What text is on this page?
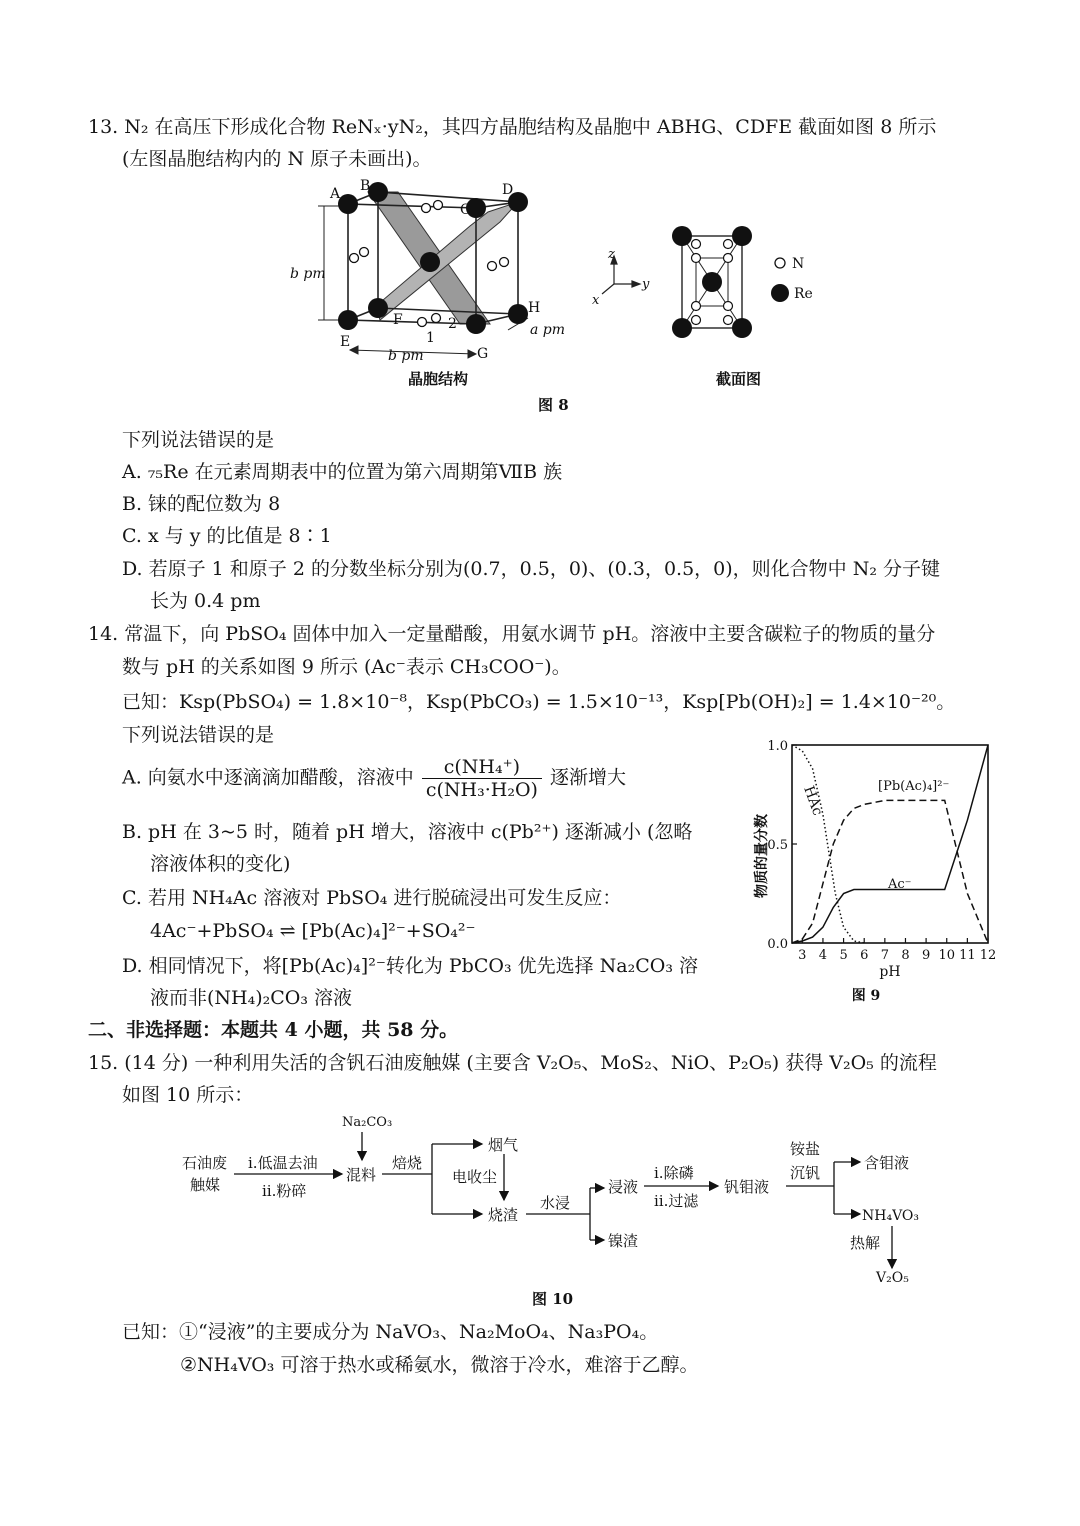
13. N₂ 在高压下形成化合物 ReNₓ·yN₂，其四方晶胞结构及晶胞中 ABHG、CDFE 截面如图 8 所示
(左图晶胞结构内的 N 原子未画出)。
A B
C
D
E
F
G
H
1
2
b pm
b pm
a pm
z
y
x
N
Re
晶胞结构	截面图
图 8
下列说法错误的是
A. ₇₅Re 在元素周期表中的位置为第六周期第ⅦB 族
B. 铼的配位数为 8
C. x 与 y 的比值是 8∶1
D. 若原子 1 和原子 2 的分数坐标分别为(0.7，0.5，0)、(0.3，0.5，0)，则化合物中 N₂ 分子键
长为 0.4 pm
14. 常温下，向 PbSO₄ 固体中加入一定量醋酸，用氨水调节 pH。溶液中主要含碳粒子的物质的量分
数与 pH 的关系如图 9 所示 (Ac⁻表示 CH₃COO⁻)。
已知：Ksp(PbSO₄) = 1.8×10⁻⁸，Ksp(PbCO₃) = 1.5×10⁻¹³，Ksp[Pb(OH)₂] = 1.4×10⁻²⁰。
下列说法错误的是
A. 向氨水中逐滴滴加醋酸，溶液中 $\frac{\text{c(NH₄⁺)}}{\text{c(NH₃·H₂O)}}$ 逐渐增大
B. pH 在 3~5 时，随着 pH 增大，溶液中 c(Pb²⁺) 逐渐减小 (忽略
溶液体积的变化)
C. 若用 NH₄Ac 溶液对 PbSO₄ 进行脱硫浸出可发生反应：
4Ac⁻+PbSO₄ ⇌ [Pb(Ac)₄]²⁻+SO₄²⁻
D. 相同情况下，将[Pb(Ac)₄]²⁻转化为 PbCO₃ 优先选择 Na₂CO₃ 溶
液而非(NH₄)₂CO₃ 溶液
0.0
0.5
1.0
3 4 5 6 7 8 9 10 11 12
物质的量分数
pH
图 9
HAc	[Pb(Ac)₄]²⁻
Ac⁻
二、非选择题：本题共 4 小题，共 58 分。
15. (14 分) 一种利用失活的含钒石油废触媒 (主要含 V₂O₅、MoS₂、NiO、P₂O₅) 获得 V₂O₅ 的流程
如图 10 所示：
石油废
触媒
ⅰ.低温去油
ⅱ.粉碎
Na₂CO₃
混料
焙烧
烟气
电收尘
烧渣
水浸
浸液
镍渣
ⅰ.除磷
ⅱ.过滤
钒钼液
铵盐
沉钒
含钼液
NH₄VO₃
热解
V₂O₅
图 10
已知：①“浸液”的主要成分为 NaVO₃、Na₂MoO₄、Na₃PO₄。
②NH₄VO₃ 可溶于热水或稀氨水，微溶于冷水，难溶于乙醇。
